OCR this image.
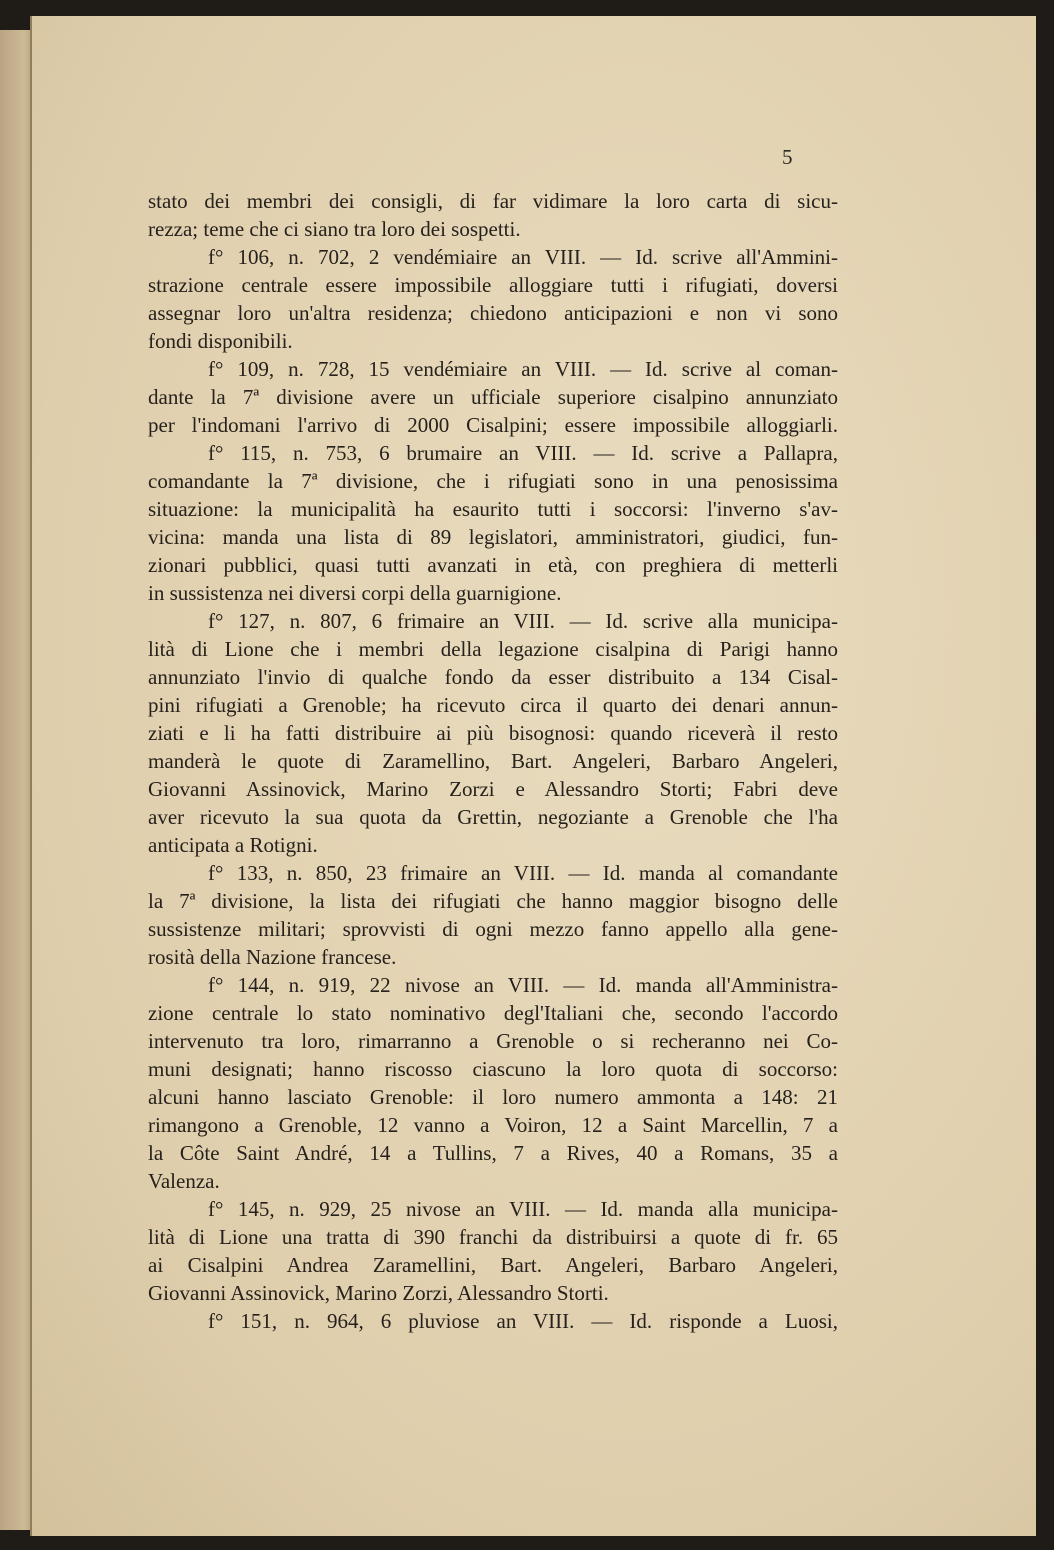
5
stato dei membri dei consigli, di far vidimare la loro carta di sicu-
rezza; teme che ci siano tra loro dei sospetti.
f° 106, n. 702, 2 vendémiaire an VIII. — Id. scrive all'Ammini-
strazione centrale essere impossibile alloggiare tutti i rifugiati, doversi
assegnar loro un'altra residenza; chiedono anticipazioni e non vi sono
fondi disponibili.
f° 109, n. 728, 15 vendémiaire an VIII. — Id. scrive al coman-
dante la 7ª divisione avere un ufficiale superiore cisalpino annunziato
per l'indomani l'arrivo di 2000 Cisalpini; essere impossibile alloggiarli.
f° 115, n. 753, 6 brumaire an VIII. — Id. scrive a Pallapra,
comandante la 7ª divisione, che i rifugiati sono in una penosissima
situazione: la municipalità ha esaurito tutti i soccorsi: l'inverno s'av-
vicina: manda una lista di 89 legislatori, amministratori, giudici, fun-
zionari pubblici, quasi tutti avanzati in età, con preghiera di metterli
in sussistenza nei diversi corpi della guarnigione.
f° 127, n. 807, 6 frimaire an VIII. — Id. scrive alla municipa-
lità di Lione che i membri della legazione cisalpina di Parigi hanno
annunziato l'invio di qualche fondo da esser distribuito a 134 Cisal-
pini rifugiati a Grenoble; ha ricevuto circa il quarto dei denari annun-
ziati e li ha fatti distribuire ai più bisognosi: quando riceverà il resto
manderà le quote di Zaramellino, Bart. Angeleri, Barbaro Angeleri,
Giovanni Assinovick, Marino Zorzi e Alessandro Storti; Fabri deve
aver ricevuto la sua quota da Grettin, negoziante a Grenoble che l'ha
anticipata a Rotigni.
f° 133, n. 850, 23 frimaire an VIII. — Id. manda al comandante
la 7ª divisione, la lista dei rifugiati che hanno maggior bisogno delle
sussistenze militari; sprovvisti di ogni mezzo fanno appello alla gene-
rosità della Nazione francese.
f° 144, n. 919, 22 nivose an VIII. — Id. manda all'Amministra-
zione centrale lo stato nominativo degl'Italiani che, secondo l'accordo
intervenuto tra loro, rimarranno a Grenoble o si recheranno nei Co-
muni designati; hanno riscosso ciascuno la loro quota di soccorso:
alcuni hanno lasciato Grenoble: il loro numero ammonta a 148: 21
rimangono a Grenoble, 12 vanno a Voiron, 12 a Saint Marcellin, 7 a
la Côte Saint André, 14 a Tullins, 7 a Rives, 40 a Romans, 35 a
Valenza.
f° 145, n. 929, 25 nivose an VIII. — Id. manda alla municipa-
lità di Lione una tratta di 390 franchi da distribuirsi a quote di fr. 65
ai Cisalpini Andrea Zaramellini, Bart. Angeleri, Barbaro Angeleri,
Giovanni Assinovick, Marino Zorzi, Alessandro Storti.
f° 151, n. 964, 6 pluviose an VIII. — Id. risponde a Luosi,
